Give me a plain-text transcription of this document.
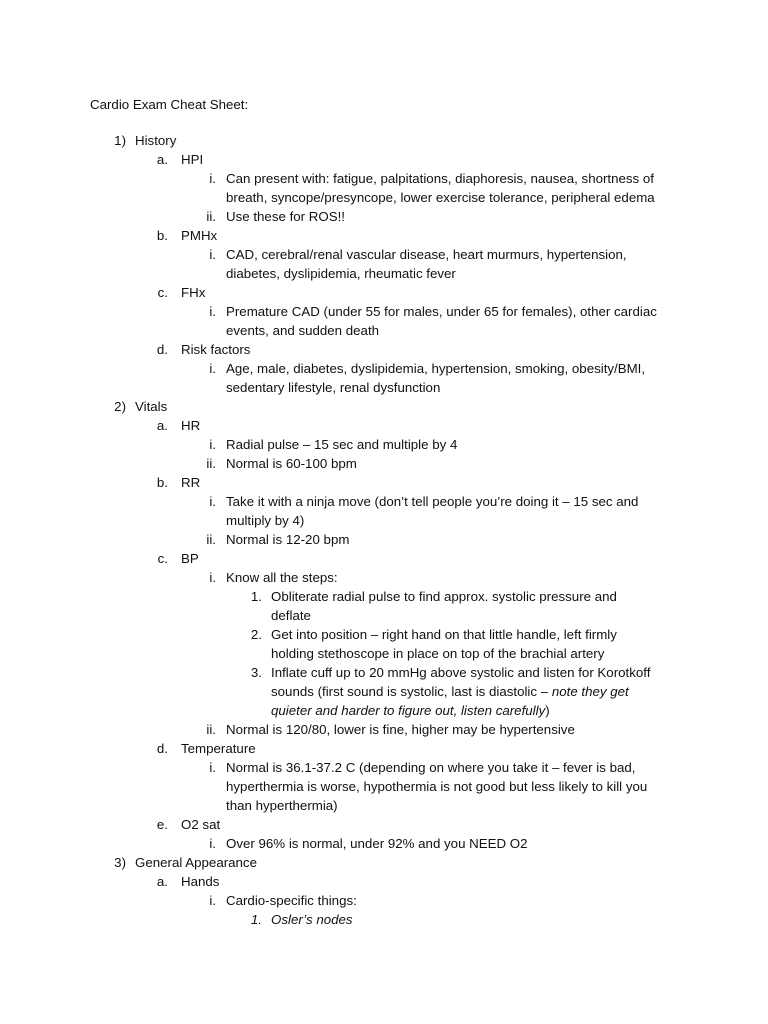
Cardio Exam Cheat Sheet:
1) History
a. HPI
i. Can present with: fatigue, palpitations, diaphoresis, nausea, shortness of
breath, syncope/presyncope, lower exercise tolerance, peripheral edema
ii. Use these for ROS!!
b. PMHx
i. CAD, cerebral/renal vascular disease, heart murmurs, hypertension,
diabetes, dyslipidemia, rheumatic fever
c. FHx
i. Premature CAD (under 55 for males, under 65 for females), other cardiac
events, and sudden death
d. Risk factors
i. Age, male, diabetes, dyslipidemia, hypertension, smoking, obesity/BMI,
sedentary lifestyle, renal dysfunction
2) Vitals
a. HR
i. Radial pulse – 15 sec and multiple by 4
ii. Normal is 60-100 bpm
b. RR
i. Take it with a ninja move (don’t tell people you’re doing it – 15 sec and
multiply by 4)
ii. Normal is 12-20 bpm
c. BP
i. Know all the steps:
1. Obliterate radial pulse to find approx. systolic pressure and
deflate
2. Get into position – right hand on that little handle, left firmly
holding stethoscope in place on top of the brachial artery
3. Inflate cuff up to 20 mmHg above systolic and listen for Korotkoff
sounds (first sound is systolic, last is diastolic – note they get
quieter and harder to figure out, listen carefully)
ii. Normal is 120/80, lower is fine, higher may be hypertensive
d. Temperature
i. Normal is 36.1-37.2 C (depending on where you take it – fever is bad,
hyperthermia is worse, hypothermia is not good but less likely to kill you
than hyperthermia)
e. O2 sat
i. Over 96% is normal, under 92% and you NEED O2
3) General Appearance
a. Hands
i. Cardio-specific things:
1. Osler’s nodes
